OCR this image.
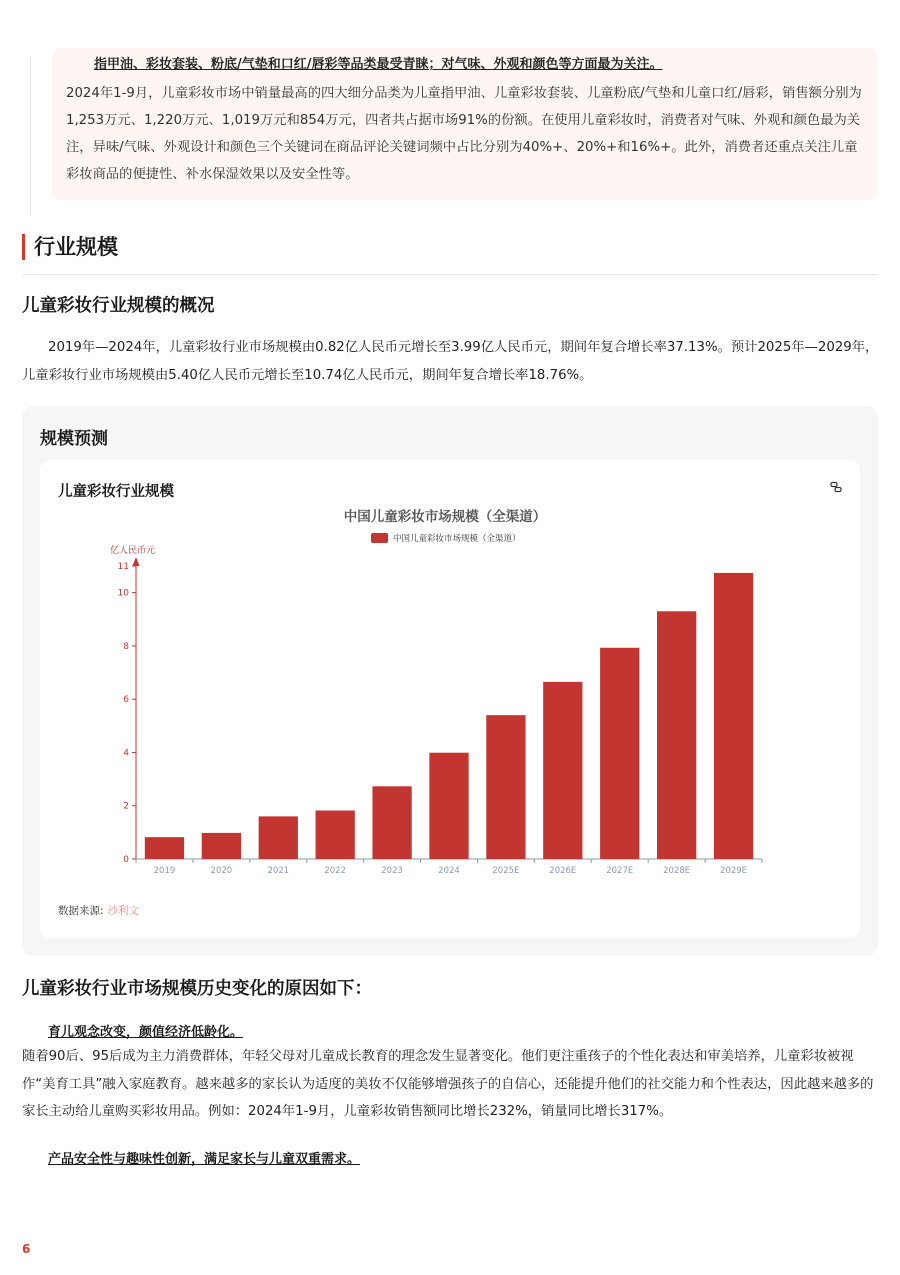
指甲油、彩妆套装、粉底/气垫和口红/唇彩等品类最受青睐；对气味、外观和颜色等方面最为关注。
2024年1-9月，儿童彩妆市场中销量最高的四大细分品类为儿童指甲油、儿童彩妆套装、儿童粉底/气垫和儿童口红/唇彩，销售额分别为1,253万元、1,220万元、1,019万元和854万元，四者共占据市场91%的份额。在使用儿童彩妆时，消费者对气味、外观和颜色最为关注，异味/气味、外观设计和颜色三个关键词在商品评论关键词频中占比分别为40%+、20%+和16%+。此外，消费者还重点关注儿童彩妆商品的便捷性、补水保湿效果以及安全性等。
行业规模
儿童彩妆行业规模的概况
2019年—2024年，儿童彩妆行业市场规模由0.82亿人民币元增长至3.99亿人民币元，期间年复合增长率37.13%。预计2025年—2029年，儿童彩妆行业市场规模由5.40亿人民币元增长至10.74亿人民币元，期间年复合增长率18.76%。
规模预测
儿童彩妆行业规模
中国儿童彩妆市场规模（全渠道）
中国儿童彩妆市场规模（全渠道）
亿人民币元
0
2
4
6
8
10
11
2019	2020	2021	2022	2023	2024	2025E	2026E	2027E	2028E	2029E
数据来源: 沙利文
儿童彩妆行业市场规模历史变化的原因如下：
育儿观念改变，颜值经济低龄化。
随着90后、95后成为主力消费群体，年轻父母对儿童成长教育的理念发生显著变化。他们更注重孩子的个性化表达和审美培养，儿童彩妆被视作“美育工具”融入家庭教育。越来越多的家长认为适度的美妆不仅能够增强孩子的自信心，还能提升他们的社交能力和个性表达，因此越来越多的家长主动给儿童购买彩妆用品。例如：2024年1-9月，儿童彩妆销售额同比增长232%，销量同比增长317%。
产品安全性与趣味性创新，满足家长与儿童双重需求。
6
